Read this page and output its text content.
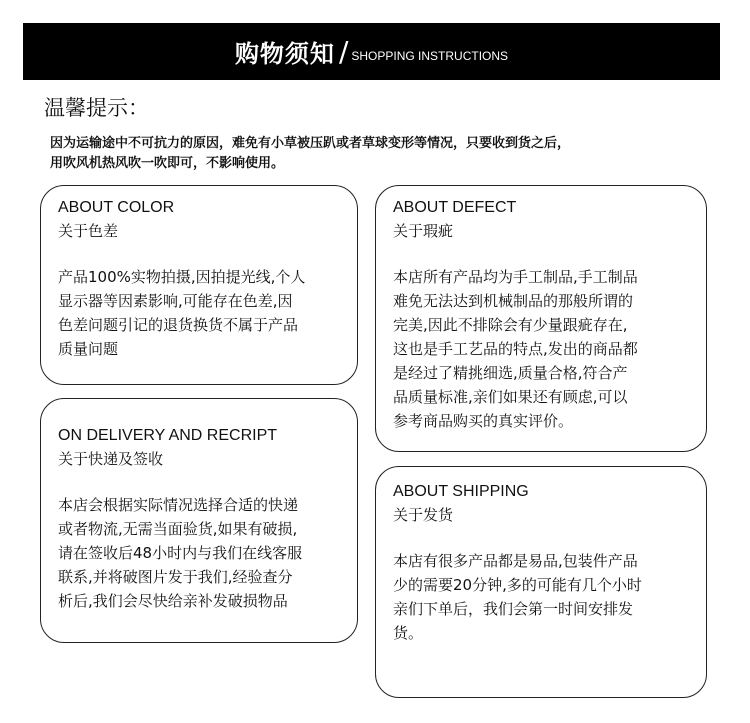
购物须知 / SHOPPING INSTRUCTIONS
温馨提示：

因为运输途中不可抗力的原因，难免有小草被压趴或者草球变形等情况，只要收到货之后，

用吹风机热风吹一吹即可，不影响使用。

ABOUT COLOR

关于色差

产品100%实物拍摄,因拍提光线,个人
显示器等因素影响,可能存在色差,因
色差问题引记的退货换货不属于产品
质量问题

ON DELIVERY AND RECRIPT

关于快递及签收

本店会根据实际情况选择合适的快递
或者物流,无需当面验货,如果有破损,
请在签收后48小时内与我们在线客服
联系,并将破图片发于我们,经验查分
析后,我们会尽快给亲补发破损物品

ABOUT DEFECT

关于瑕疵

本店所有产品均为手工制品,手工制品
难免无法达到机械制品的那般所谓的
完美,因此不排除会有少量跟疵存在,
这也是手工艺品的特点,发出的商品都
是经过了精挑细选,质量合格,符合产
品质量标准,亲们如果还有顾虑,可以
参考商品购买的真实评价。

ABOUT SHIPPING

关于发货

本店有很多产品都是易品,包装件产品
少的需要20分钟,多的可能有几个小时
亲们下单后，我们会第一时间安排发
货。
